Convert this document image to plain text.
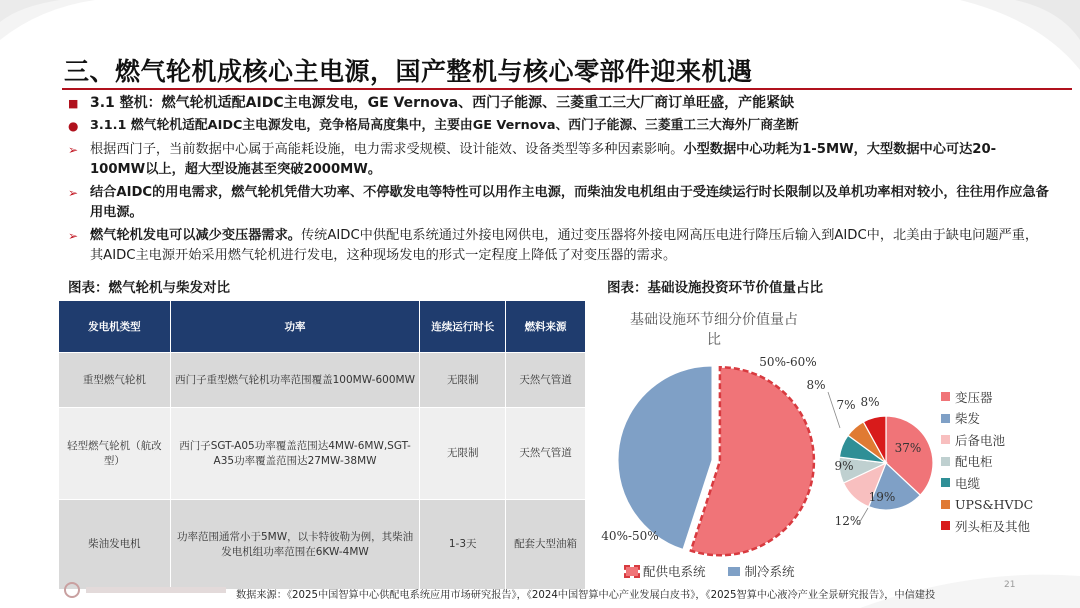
三、燃气轮机成核心主电源，国产整机与核心零部件迎来机遇
■ 3.1 整机：燃气轮机适配AIDC主电源发电，GE Vernova、西门子能源、三菱重工三大厂商订单旺盛，产能紧缺
● 3.1.1 燃气轮机适配AIDC主电源发电，竞争格局高度集中，主要由GE Vernova、西门子能源、三菱重工三大海外厂商垄断
➢ 根据西门子，当前数据中心属于高能耗设施，电力需求受规模、设计能效、设备类型等多种因素影响。小型数据中心功耗为1-5MW，大型数据中心可达20-100MW以上，超大型设施甚至突破2000MW。
➢ 结合AIDC的用电需求，燃气轮机凭借大功率、不停歇发电等特性可以用作主电源，而柴油发电机组由于受连续运行时长限制以及单机功率相对较小，往往用作应急备用电源。
➢ 燃气轮机发电可以减少变压器需求。传统AIDC中供配电系统通过外接电网供电，通过变压器将外接电网高压电进行降压后输入到AIDC中，北美由于缺电问题严重，其AIDC主电源开始采用燃气轮机进行发电，这种现场发电的形式一定程度上降低了对变压器的需求。
图表：燃气轮机与柴发对比	图表：基础设施投资环节价值量占比
发电机类型	功率	连续运行时长	燃料来源
重型燃气轮机	西门子重型燃气轮机功率范围覆盖100MW-600MW	无限制	天然气管道
轻型燃气轮机（航改型）	西门子SGT-A05功率覆盖范围达4MW-6MW,SGT-A35功率覆盖范围达27MW-38MW	无限制	天然气管道
柴油发电机	功率范围通常小于5MW，以卡特彼勒为例，其柴油发电机组功率范围在6KW-4MW	1-3天	配套大型油箱
基础设施环节细分价值量占
比
50%-60%
40%-50%
37%
19%
12%
9%
8%
7% 8%	变压器
柴发
后备电池
配电柜
电缆
UPS&HVDC
列头柜及其他
配供电系统	制冷系统
数据来源：《2025中国智算中心供配电系统应用市场研究报告》，《2024中国智算中心产业发展白皮书》，《2025智算中心液冷产业全景研究报告》，中信建投
21
